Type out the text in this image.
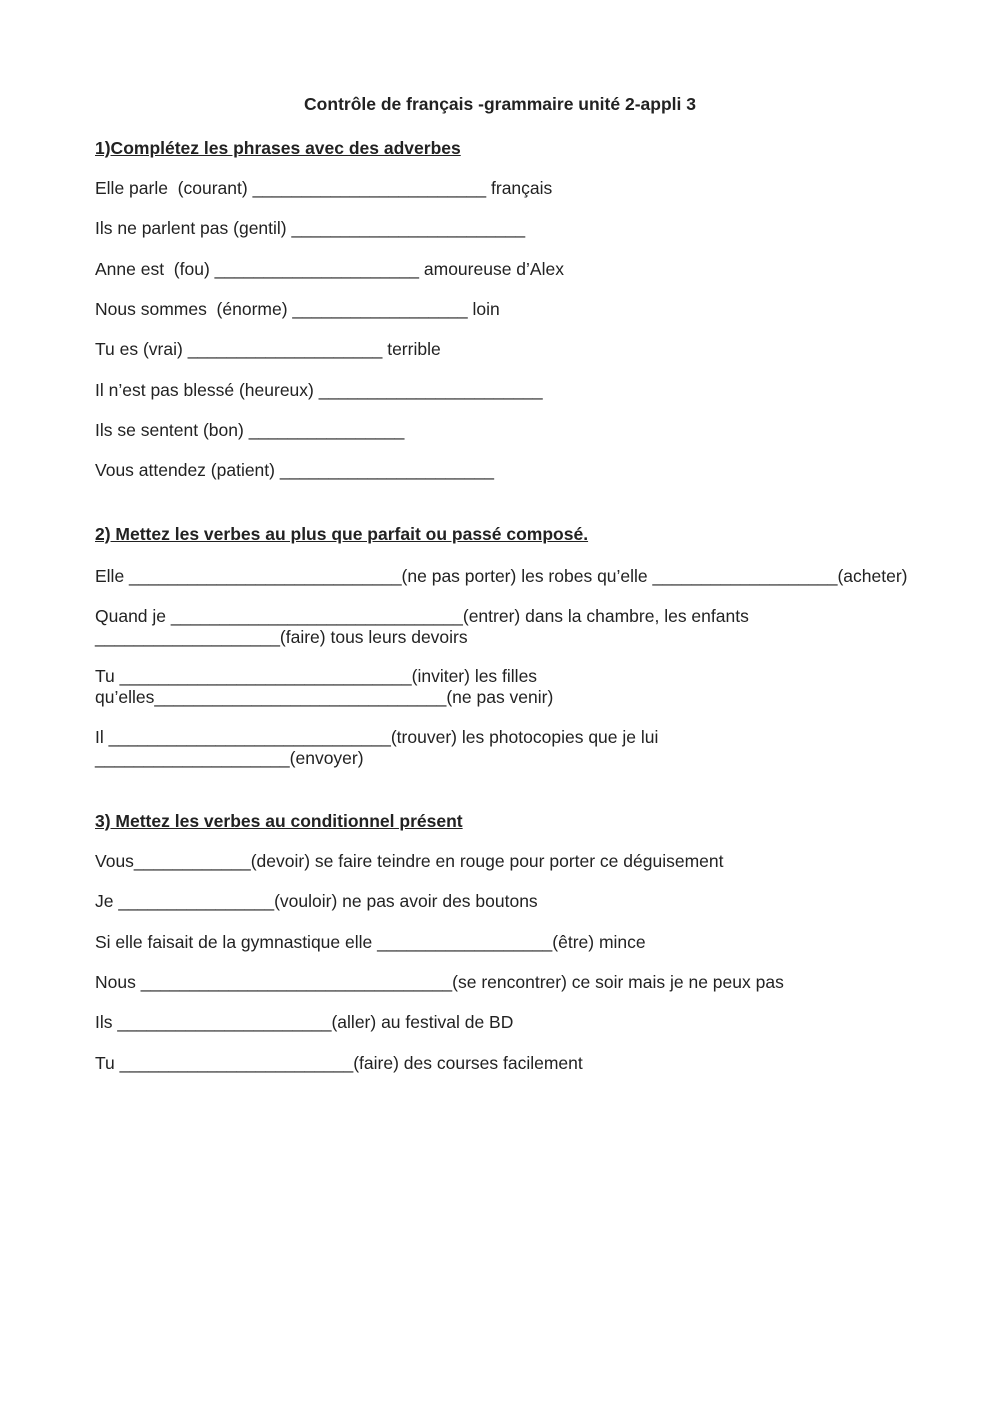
Contrôle de français -grammaire unité 2-appli 3
1)Complétez les phrases avec des adverbes
Elle parle  (courant) ________________________ français
Ils ne parlent pas (gentil) ________________________
Anne est  (fou) _____________________ amoureuse d’Alex
Nous sommes  (énorme) __________________ loin
Tu es (vrai) ____________________ terrible
Il n’est pas blessé (heureux) _______________________
Ils se sentent (bon) ________________
Vous attendez (patient) ______________________
2) Mettez les verbes au plus que parfait ou passé composé.
Elle ____________________________(ne pas porter) les robes qu’elle ___________________(acheter)
Quand je ______________________________(entrer) dans la chambre, les enfants
___________________(faire) tous leurs devoirs
Tu ______________________________(inviter) les filles qu’elles______________________________(ne pas venir)
Il _____________________________(trouver) les photocopies que je lui
____________________(envoyer)
3) Mettez les verbes au conditionnel présent
Vous____________(devoir) se faire teindre en rouge pour porter ce déguisement
Je ________________(vouloir) ne pas avoir des boutons
Si elle faisait de la gymnastique elle __________________(être) mince
Nous ________________________________(se rencontrer) ce soir mais je ne peux pas
Ils ______________________(aller) au festival de BD
Tu ________________________(faire) des courses facilement
